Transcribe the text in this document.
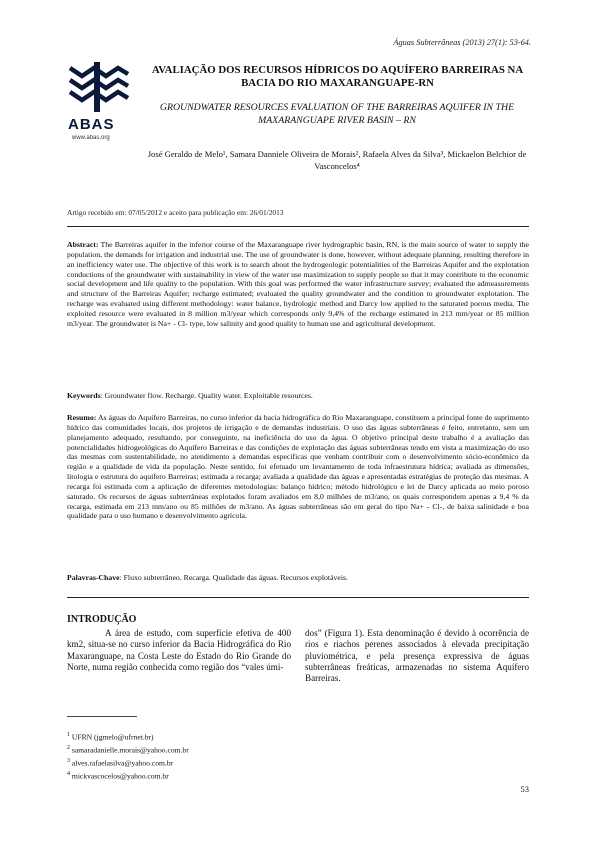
Águas Subterrâneas (2013) 27(1): 53-64.
ABAS
www.abas.org
AVALIAÇÃO DOS RECURSOS HÍDRICOS DO AQUÍFERO BARREIRAS NA BACIA DO RIO MAXARANGUAPE-RN
GROUNDWATER RESOURCES EVALUATION OF THE BARREIRAS AQUIFER IN THE MAXARANGUAPE RIVER BASIN – RN
José Geraldo de Melo¹, Samara Danniele Oliveira de Morais², Rafaela Alves da Silva³, Mickaelon Belchior de Vasconcelos⁴
Artigo recebido em: 07/05/2012 e aceito para publicação em: 26/01/2013
Abstract: The Barreiras aquifer in the inferior course of the Maxaranguape river hydrographic basin, RN, is the main source of water to supply the population, the demands for irrigation and industrial use. The use of groundwater is done, however, without adequate planning, resulting therefore in an inefficiency water use. The objective of this work is to search about the hydrogeologic potentialities of the Barreiras Aquifer and the explotation conductions of the groundwater with sustainability in view of the water use maximization to supply people so that it may contribute to the economic social development and life quality to the population. With this goal was performed the water infrastructure survey; evaluated the admeasurements and structure of the Barreiras Aquifer; recharge estimated; evaluated the quality groundwater and the condition to groundwater explotation. The recharge was evaluated using different methodology: water balance, hydrologic method and Darcy low applied to the saturated porous media. The exploited resource were evaluated in 8 million m3/year which corresponds only 9,4% of the recharge estimated in 213 mm/year or 85 million m3/year. The groundwater is Na+ - Cl- type, low salinity and good quality to human use and agricultural development.
Keywords: Groundwater flow. Recharge. Quality water. Exploitable resources.
Resumo: As águas do Aquífero Barreiras, no curso inferior da bacia hidrográfica do Rio Maxaranguape, constituem a principal fonte de suprimento hídrico das comunidades locais, dos projetos de irrigação e de demandas industriais. O uso das águas subterrâneas é feito, entretanto, sem um planejamento adequado, resultando, por conseguinte, na ineficiência do uso da água. O objetivo principal deste trabalho é a avaliação das potencialidades hidrogeológicas do Aquífero Barreiras e das condições de explotação das águas subterrâneas tendo em vista a maximização do uso das mesmas com sustentabilidade, no atendimento a demandas específicas que venham contribuir com o desenvolvimento sócio-econômico da região e a qualidade de vida da população. Neste sentido, foi efetuado um levantamento de toda infraestrutura hídrica; avaliada as dimensões, litologia e estrutura do aquífero Barreiras; estimada a recarga; avaliada a qualidade das águas e apresentadas estratégias de proteção das mesmas. A recarga foi estimada com a aplicação de diferentes metodologias: balanço hídrico; método hidrológico e lei de Darcy aplicada ao meio poroso saturado. Os recursos de águas subterrâneas explotados foram avaliados em 8,0 milhões de m3/ano, os quais correspondem apenas a 9,4 % da recarga, estimada em 213 mm/ano ou 85 milhões de m3/ano. As águas subterrâneas são em geral do tipo Na+ - Cl-, de baixa salinidade e boa qualidade para o uso humano e desenvolvimento agrícola.
Palavras-Chave: Fluxo subterrâneo. Recarga. Qualidade das águas. Recursos explotáveis.
INTRODUÇÃO
A área de estudo, com superfície efetiva de 400 km2, situa-se no curso inferior da Bacia Hidrográfica do Rio Maxaranguape, na Costa Leste do Estado do Rio Grande do Norte, numa região conhecida como região dos “vales úmi-
dos” (Figura 1). Esta denominação é devido à ocorrência de rios e riachos perenes associados à elevada precipitação pluviométrica, e pela presença expressiva de águas subterrâneas freáticas, armazenadas no sistema Aquífero Barreiras.
$^1$ UFRN (jgmelo@ufrnet.br)
$^2$ samaradanielle.morais@yahoo.com.br
$^3$ alves.rafaelasilva@yahoo.com.br
$^4$ mickvascocelos@yahoo.com.br
53
